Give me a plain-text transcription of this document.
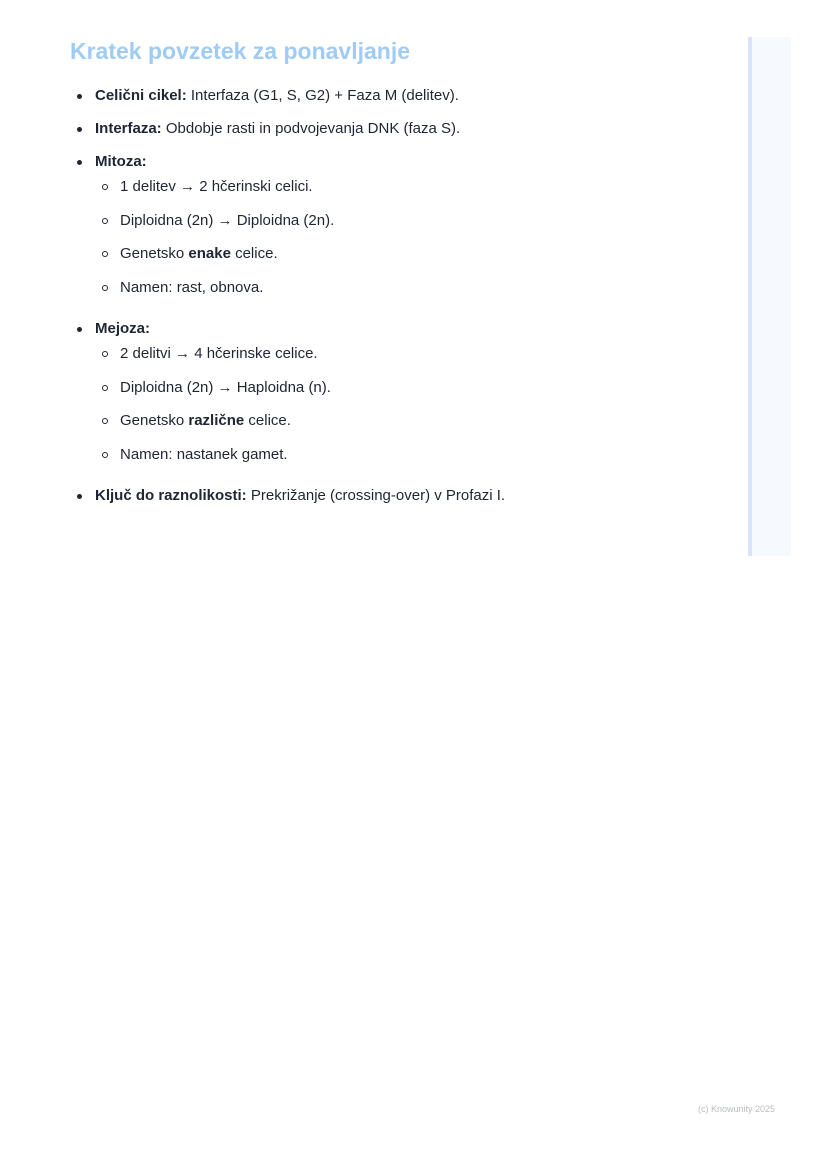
Kratek povzetek za ponavljanje
Celični cikel: Interfaza (G1, S, G2) + Faza M (delitev).
Interfaza: Obdobje rasti in podvojevanja DNK (faza S).
Mitoza:
1 delitev → 2 hčerinski celici.
Diploidna (2n) → Diploidna (2n).
Genetsko enake celice.
Namen: rast, obnova.
Mejoza:
2 delitvi → 4 hčerinske celice.
Diploidna (2n) → Haploidna (n).
Genetsko različne celice.
Namen: nastanek gamet.
Ključ do raznolikosti: Prekrižanje (crossing-over) v Profazi I.
(c) Knowunity 2025
